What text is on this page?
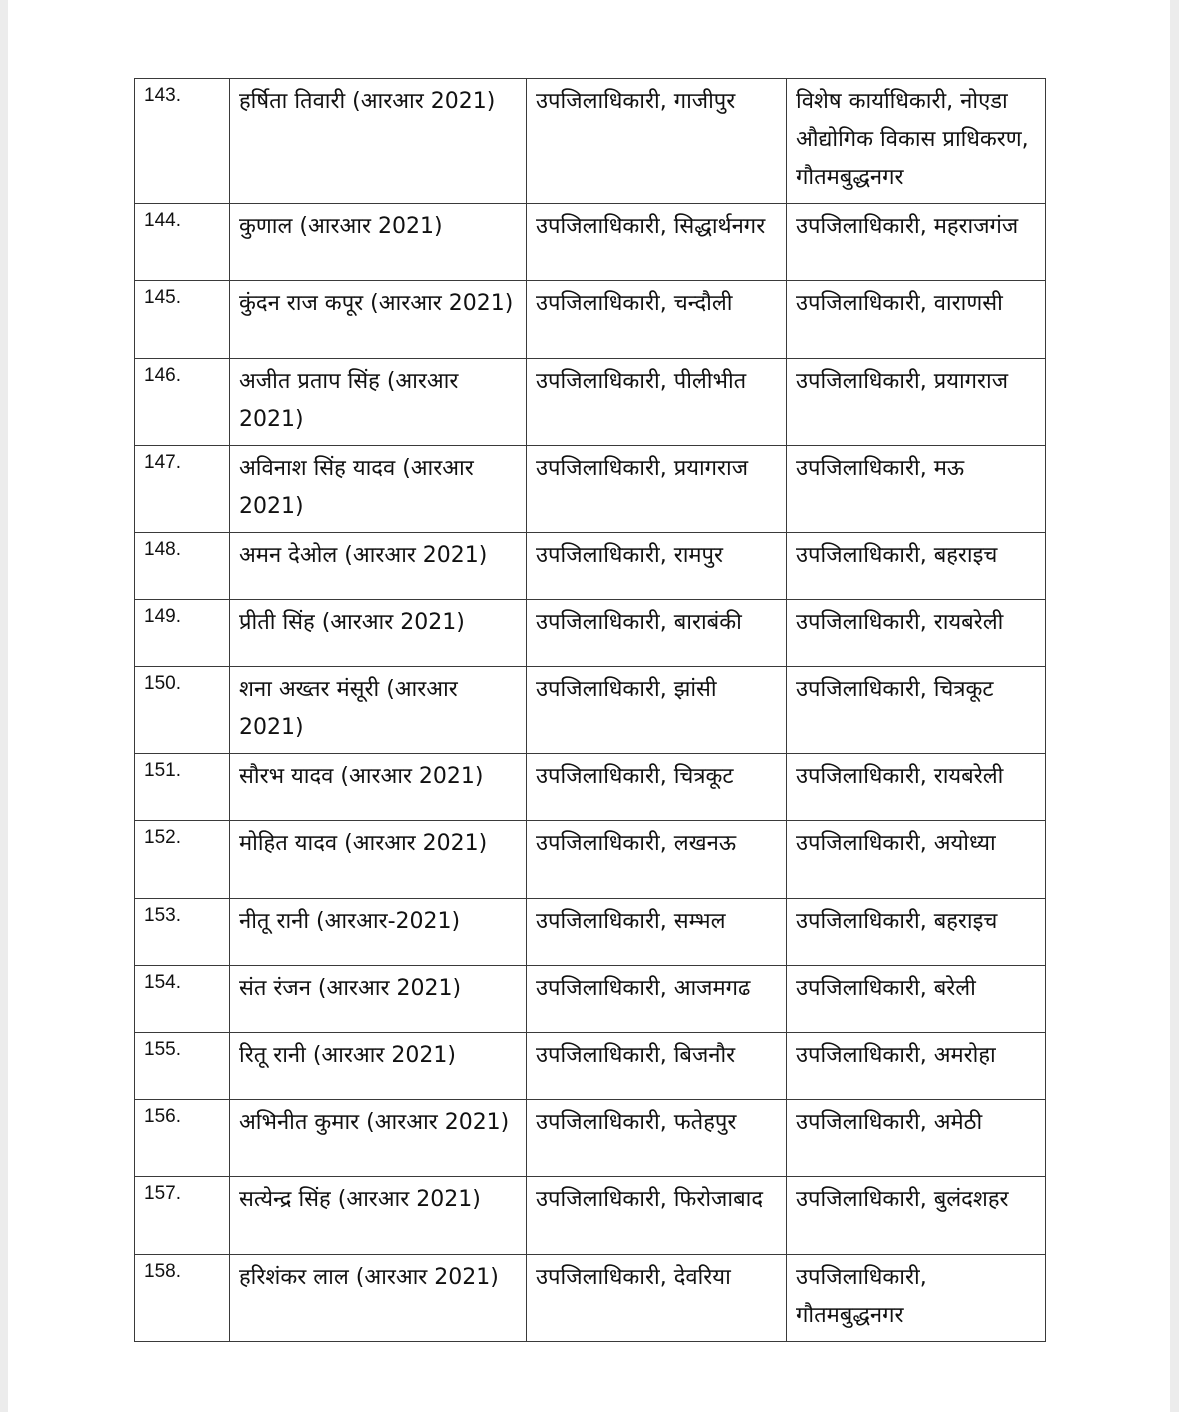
143.	हर्षिता तिवारी (आरआर 2021)	उपजिलाधिकारी, गाजीपुर	विशेष कार्याधिकारी, नोएडा औद्योगिक विकास प्राधिकरण, गौतमबुद्धनगर
144.	कुणाल (आरआर 2021)	उपजिलाधिकारी, सिद्धार्थनगर	उपजिलाधिकारी, महराजगंज
145.	कुंदन राज कपूर (आरआर 2021)	उपजिलाधिकारी, चन्दौली	उपजिलाधिकारी, वाराणसी
146.	अजीत प्रताप सिंह (आरआर 2021)	उपजिलाधिकारी, पीलीभीत	उपजिलाधिकारी, प्रयागराज
147.	अविनाश सिंह यादव (आरआर 2021)	उपजिलाधिकारी, प्रयागराज	उपजिलाधिकारी, मऊ
148.	अमन देओल (आरआर 2021)	उपजिलाधिकारी, रामपुर	उपजिलाधिकारी, बहराइच
149.	प्रीती सिंह (आरआर 2021)	उपजिलाधिकारी, बाराबंकी	उपजिलाधिकारी, रायबरेली
150.	शना अख्तर मंसूरी (आरआर 2021)	उपजिलाधिकारी, झांसी	उपजिलाधिकारी, चित्रकूट
151.	सौरभ यादव (आरआर 2021)	उपजिलाधिकारी, चित्रकूट	उपजिलाधिकारी, रायबरेली
152.	मोहित यादव (आरआर 2021)	उपजिलाधिकारी, लखनऊ	उपजिलाधिकारी, अयोध्या
153.	नीतू रानी (आरआर-2021)	उपजिलाधिकारी, सम्भल	उपजिलाधिकारी, बहराइच
154.	संत रंजन (आरआर 2021)	उपजिलाधिकारी, आजमगढ	उपजिलाधिकारी, बरेली
155.	रितू रानी (आरआर 2021)	उपजिलाधिकारी, बिजनौर	उपजिलाधिकारी, अमरोहा
156.	अभिनीत कुमार (आरआर 2021)	उपजिलाधिकारी, फतेहपुर	उपजिलाधिकारी, अमेठी
157.	सत्येन्द्र सिंह (आरआर 2021)	उपजिलाधिकारी, फिरोजाबाद	उपजिलाधिकारी, बुलंदशहर
158.	हरिशंकर लाल (आरआर 2021)	उपजिलाधिकारी, देवरिया	उपजिलाधिकारी, गौतमबुद्धनगर
